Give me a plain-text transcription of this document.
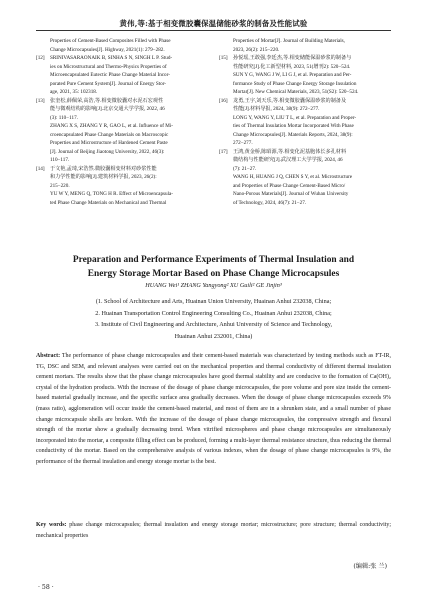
黄伟,等:基于相变微胶囊保温储能砂浆的制备及性能试验
Properties of Cement-Based Composites Filled with Phase
Change Microcapsules[J]. Highway, 2021(1): 279−282.
[12]	SRINIVASARAONAIK B, SINHA S N, SINGH L P. Stud-
ies on Microstructural and Thermo-Physics Properties of
Microencapsulated Eutectic Phase Change Material Incor-
porated Pure Cement System[J]. Journal of Energy Stor-
age, 2021, 35: 102318.
[13]	张奎松,薛佩荣,高浩,等.相变微胶囊对水泥石宏观性
能与微观结构的影响[J].北京交通大学学报, 2022, 46
(3): 110−117.
ZHANG X S, ZHANG Y R, GAO L, et al. Influence of Mi-
croencapsulated Phase Change Materials on Macroscopic
Properties and Microstructure of Hardened Cement Paste
[J]. Journal of Beijing Jiaotong University, 2022, 46(3):
110−117.
[14]	于文艳,孟琦,宋浩然.微胶囊相变材料对砂浆性能
和力学性能的影响[J].建筑材料学报, 2023, 26(2):
215−220.
YU W Y, MENG Q, TONG H R. Effect of Microencapsula-
ted Phase Change Materials on Mechanical and Thermal
Properties of Mortar[J]. Journal of Building Materials,
2023, 26(2): 215−220.
[15]	孙悦瑶,王敢强,李廷杰,等.相变储能保温砂浆的制备与
性能研究[J].化工新型材料, 2023, 51(增刊2): 520−524.
SUN Y G, WANG J W, LI G J, et al. Preparation and Per-
formance Study of Phase Change Energy Storage Insulation
Mortar[J]. New Chemical Materials, 2023, 51(S2): 520−524.
[16]	龙勇,王宇,刘天乐,等.相变微胶囊保温砂浆的制备及
性能[J].材料导报, 2024, 38(9): 272−277.
LONG Y, WANG Y, LIU T L, et al. Preparation and Proper-
ties of Thermal Insulation Mortar Incorporated With Phase
Change Microcapsules[J]. Materials Reports, 2024, 38(9):
272−277.
[17]	王鸿,黄金桥,陈昭源,等.相变化泥基胞体长多孔材料
微结构与性能研究[J].武汉理工大学学报, 2024, 46
(7): 21−27.
WANG H, HUANG J Q, CHEN S Y, et al. Microstructure
and Properties of Phase Change Cement-Based Micro/
Nano-Porous Materials[J]. Journal of Wuhan University
of Technology, 2024, 46(7): 21−27.
Preparation and Performance Experiments of Thermal Insulation and
Energy Storage Mortar Based on Phase Change Microcapsules
HUANG Wei¹ ZHANG Yangyong² XU Guili² GE Jinjin³
(1. School of Architecture and Arts, Huainan Union University, Huainan Anhui 232038, China;
2. Huainan Transportation Control Engineering Consulting Co., Huainan Anhui 232038, China;
3. Institute of Civil Engineering and Architecture, Anhui University of Science and Technology,
Huainan Anhui 232001, China)
Abstract: The performance of phase change microcapsules and their cement-based materials was characterized by testing methods such as FT-IR, TG, DSC and SEM, and relevant analyses were carried out on the mechanical properties and thermal conductivity of different thermal insulation cement mortars. The results show that the phase change microcapsules have good thermal stability and are conducive to the formation of Ca(OH)₂ crystal of the hydration products. With the increase of the dosage of phase change microcapsules, the pore volume and pore size inside the cement-based material gradually increase, and the specific surface area gradually decreases. When the dosage of phase change microcapsules exceeds 9% (mass ratio), agglomeration will occur inside the cement-based material, and most of them are in a shrunken state, and a small number of phase change microcapsule shells are broken. With the increase of the dosage of phase change microcapsules, the compressive strength and flexural strength of the mortar show a gradually decreasing trend. When vitrified microspheres and phase change microcapsules are simultaneously incorporated into the mortar, a composite filling effect can be produced, forming a multi-layer thermal resistance structure, thus reducing the thermal conductivity of the mortar. Based on the comprehensive analysis of various indexes, when the dosage of phase change microcapsules is 9%, the performance of the thermal insulation and energy storage mortar is the best.
Key words: phase change microcapsules; thermal insulation and energy storage mortar; microstructure; pore structure; thermal conductivity; mechanical properties
(编辑:张 兰)
· 58 ·
